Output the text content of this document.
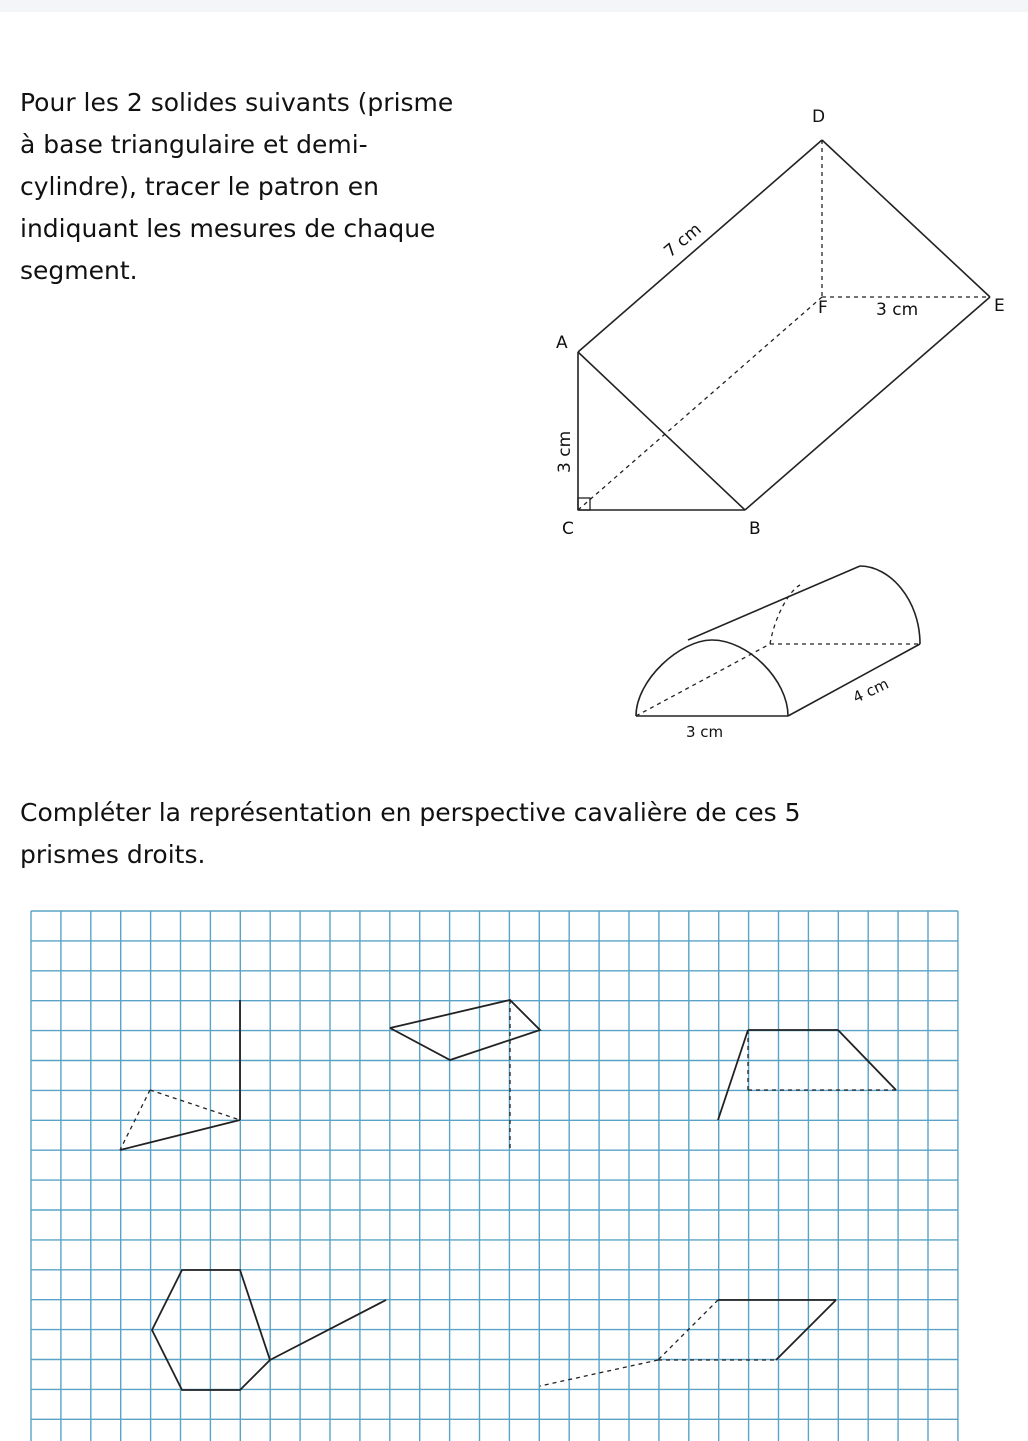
Pour les 2 solides suivants (prisme
à base triangulaire et demi-
cylindre), tracer le patron en
indiquant les mesures de chaque
segment.
Compléter la représentation en perspective cavalière de ces 5
prismes droits.
D
E
F
A
C	B
3 cm
7 cm
3 cm
4 cm
3 cm
